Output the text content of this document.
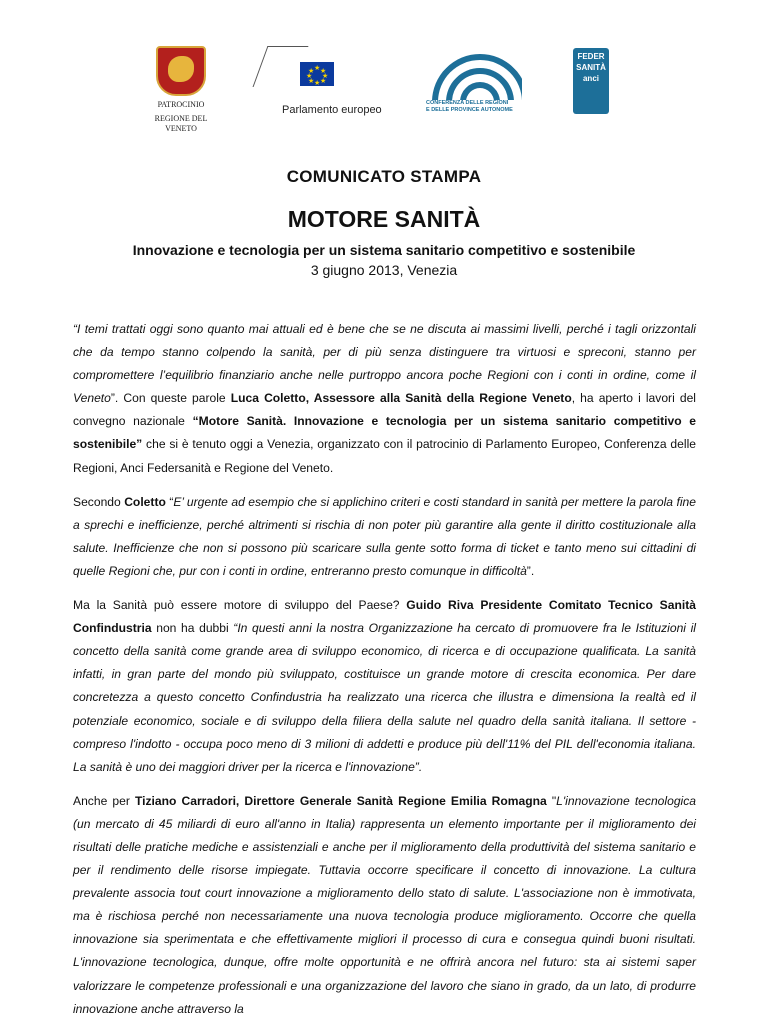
PATROCINIO
REGIONE DEL VENETO
★
★ ★
★ ★
★ ★
★
Parlamento europeo
CONFERENZA DELLE REGIONI
E DELLE PROVINCE AUTONOME
FEDER
SANITÀ
anci
COMUNICATO STAMPA
MOTORE SANITÀ
Innovazione e tecnologia per un sistema sanitario competitivo e sostenibile
3 giugno 2013, Venezia

“I temi trattati oggi sono quanto mai attuali ed è bene che se ne discuta ai massimi livelli, perché i tagli orizzontali che da tempo stanno colpendo la sanità, per di più senza distinguere tra virtuosi e spreconi, stanno per compromettere l’equilibrio finanziario anche nelle purtroppo ancora poche Regioni con i conti in ordine, come il Veneto”. Con queste parole Luca Coletto, Assessore alla Sanità della Regione Veneto, ha aperto i lavori del convegno nazionale “Motore Sanità. Innovazione e tecnologia per un sistema sanitario competitivo e sostenibile” che si è tenuto oggi a Venezia, organizzato con il patrocinio di Parlamento Europeo, Conferenza delle Regioni, Anci Federsanità e Regione del Veneto.

Secondo Coletto “E’ urgente ad esempio che si applichino criteri e costi standard in sanità per mettere la parola fine a sprechi e inefficienze, perché altrimenti si rischia di non poter più garantire alla gente il diritto costituzionale alla salute. Inefficienze che non si possono più scaricare sulla gente sotto forma di ticket e tanto meno sui cittadini di quelle Regioni che, pur con i conti in ordine, entreranno presto comunque in difficoltà”.

Ma la Sanità può essere motore di sviluppo del Paese? Guido Riva Presidente Comitato Tecnico Sanità Confindustria non ha dubbi “In questi anni la nostra Organizzazione ha cercato di promuovere fra le Istituzioni il concetto della sanità come grande area di sviluppo economico, di ricerca e di occupazione qualificata. La sanità infatti, in gran parte del mondo più sviluppato, costituisce un grande motore di crescita economica. Per dare concretezza a questo concetto Confindustria ha realizzato una ricerca che illustra e dimensiona la realtà ed il potenziale economico, sociale e di sviluppo della filiera della salute nel quadro della sanità italiana. Il settore - compreso l'indotto - occupa poco meno di 3 milioni di addetti e produce più dell'11% del PIL dell'economia italiana. La sanità è uno dei maggiori driver per la ricerca e l'innovazione”.

Anche per Tiziano Carradori, Direttore Generale Sanità Regione Emilia Romagna "L'innovazione tecnologica (un mercato di 45 miliardi di euro all'anno in Italia) rappresenta un elemento importante per il miglioramento dei risultati delle pratiche mediche e assistenziali e anche per il miglioramento della produttività del sistema sanitario e per il rendimento delle risorse impiegate. Tuttavia occorre specificare il concetto di innovazione. La cultura prevalente associa tout court innovazione a miglioramento dello stato di salute. L'associazione non è immotivata, ma è rischiosa perché non necessariamente una nuova tecnologia produce miglioramento. Occorre che quella innovazione sia sperimentata e che effettivamente migliori il processo di cura e consegua quindi buoni risultati. L'innovazione tecnologica, dunque, offre molte opportunità e ne offrirà ancora nel futuro: sta ai sistemi saper valorizzare le competenze professionali e una organizzazione del lavoro che siano in grado, da un lato, di produrre innovazione anche attraverso la
